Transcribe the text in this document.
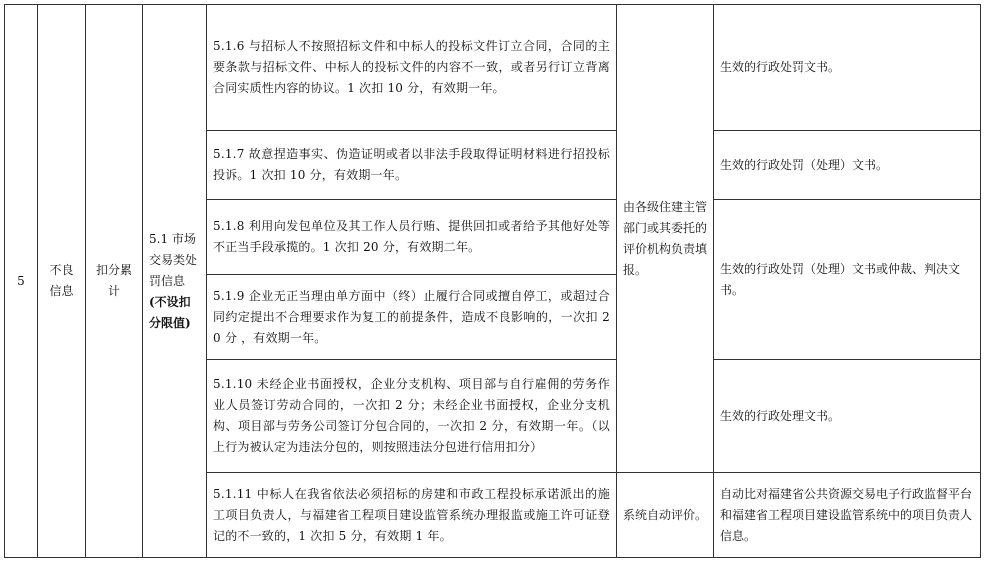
5	不良信息	扣分累计	5.1 市场交易类处罚信息(不设扣分限值)	5.1.6 与招标人不按照招标文件和中标人的投标文件订立合同，合同的主要条款与招标文件、中标人的投标文件的内容不一致，或者另行订立背离合同实质性内容的协议。1 次扣 10 分，有效期一年。	由各级住建主管部门或其委托的评价机构负责填报。	生效的行政处罚文书。
				5.1.7 故意捏造事实、伪造证明或者以非法手段取得证明材料进行招投标投诉。1 次扣 10 分，有效期一年。		生效的行政处罚（处理）文书。
				5.1.8 利用向发包单位及其工作人员行贿、提供回扣或者给予其他好处等不正当手段承揽的。1 次扣 20 分，有效期二年。		生效的行政处罚（处理）文书或仲裁、判决文书。
				5.1.9 企业无正当理由单方面中（终）止履行合同或擅自停工，或超过合同约定提出不合理要求作为复工的前提条件，造成不良影响的，一次扣 20 分 ，有效期一年。		
				5.1.10 未经企业书面授权，企业分支机构、项目部与自行雇佣的劳务作业人员签订劳动合同的，一次扣 2 分；未经企业书面授权，企业分支机构、项目部与劳务公司签订分包合同的，一次扣 2 分，有效期一年。（以上行为被认定为违法分包的，则按照违法分包进行信用扣分）		生效的行政处理文书。
				5.1.11 中标人在我省依法必须招标的房建和市政工程投标承诺派出的施工项目负责人，与福建省工程项目建设监管系统办理报监或施工许可证登记的不一致的，1 次扣 5 分，有效期 1 年。	系统自动评价。	自动比对福建省公共资源交易电子行政监督平台和福建省工程项目建设监管系统中的项目负责人信息。
